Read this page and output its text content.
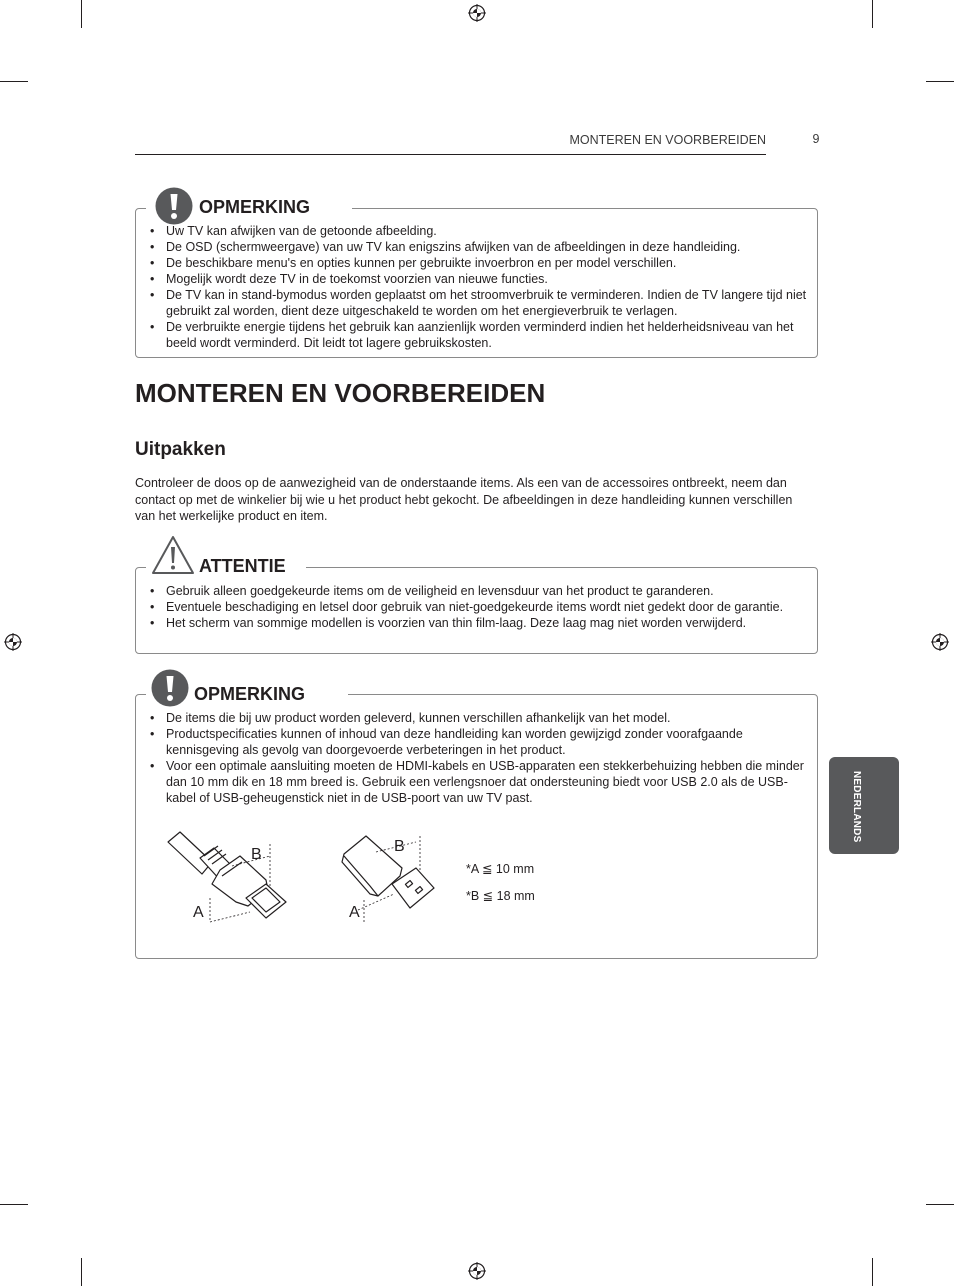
MONTEREN EN VOORBEREIDEN	9
OPMERKING
• Uw TV kan afwijken van de getoonde afbeelding.
• De OSD (schermweergave) van uw TV kan enigszins afwijken van de afbeeldingen in deze handleiding.
• De beschikbare menu's en opties kunnen per gebruikte invoerbron en per model verschillen.
• Mogelijk wordt deze TV in de toekomst voorzien van nieuwe functies.
• De TV kan in stand-bymodus worden geplaatst om het stroomverbruik te verminderen. Indien de TV langere tijd niet gebruikt zal worden, dient deze uitgeschakeld te worden om het energieverbruik te verlagen.
• De verbruikte energie tijdens het gebruik kan aanzienlijk worden verminderd indien het helderheidsniveau van het beeld wordt verminderd. Dit leidt tot lagere gebruikskosten.
MONTEREN EN VOORBEREIDEN
Uitpakken
Controleer de doos op de aanwezigheid van de onderstaande items. Als een van de accessoires ontbreekt, neem dan contact op met de winkelier bij wie u het product hebt gekocht. De afbeeldingen in deze handleiding kunnen verschillen van het werkelijke product en item.
ATTENTIE
• Gebruik alleen goedgekeurde items om de veiligheid en levensduur van het product te garanderen.
• Eventuele beschadiging en letsel door gebruik van niet-goedgekeurde items wordt niet gedekt door de garantie.
• Het scherm van sommige modellen is voorzien van thin film-laag. Deze laag mag niet worden verwijderd.
OPMERKING
• De items die bij uw product worden geleverd, kunnen verschillen afhankelijk van het model.
• Productspecificaties kunnen of inhoud van deze handleiding kan worden gewijzigd zonder voorafgaande kennisgeving als gevolg van doorgevoerde verbeteringen in het product.
• Voor een optimale aansluiting moeten de HDMI-kabels en USB-apparaten een stekkerbehuizing hebben die minder dan 10 mm dik en 18 mm breed is. Gebruik een verlengsnoer dat ondersteuning biedt voor USB 2.0 als de USB-kabel of USB-geheugenstick niet in de USB-poort van uw TV past.
B
A
B
A
*A ≦ 10 mm
*B ≦ 18 mm
NEDERLANDS
